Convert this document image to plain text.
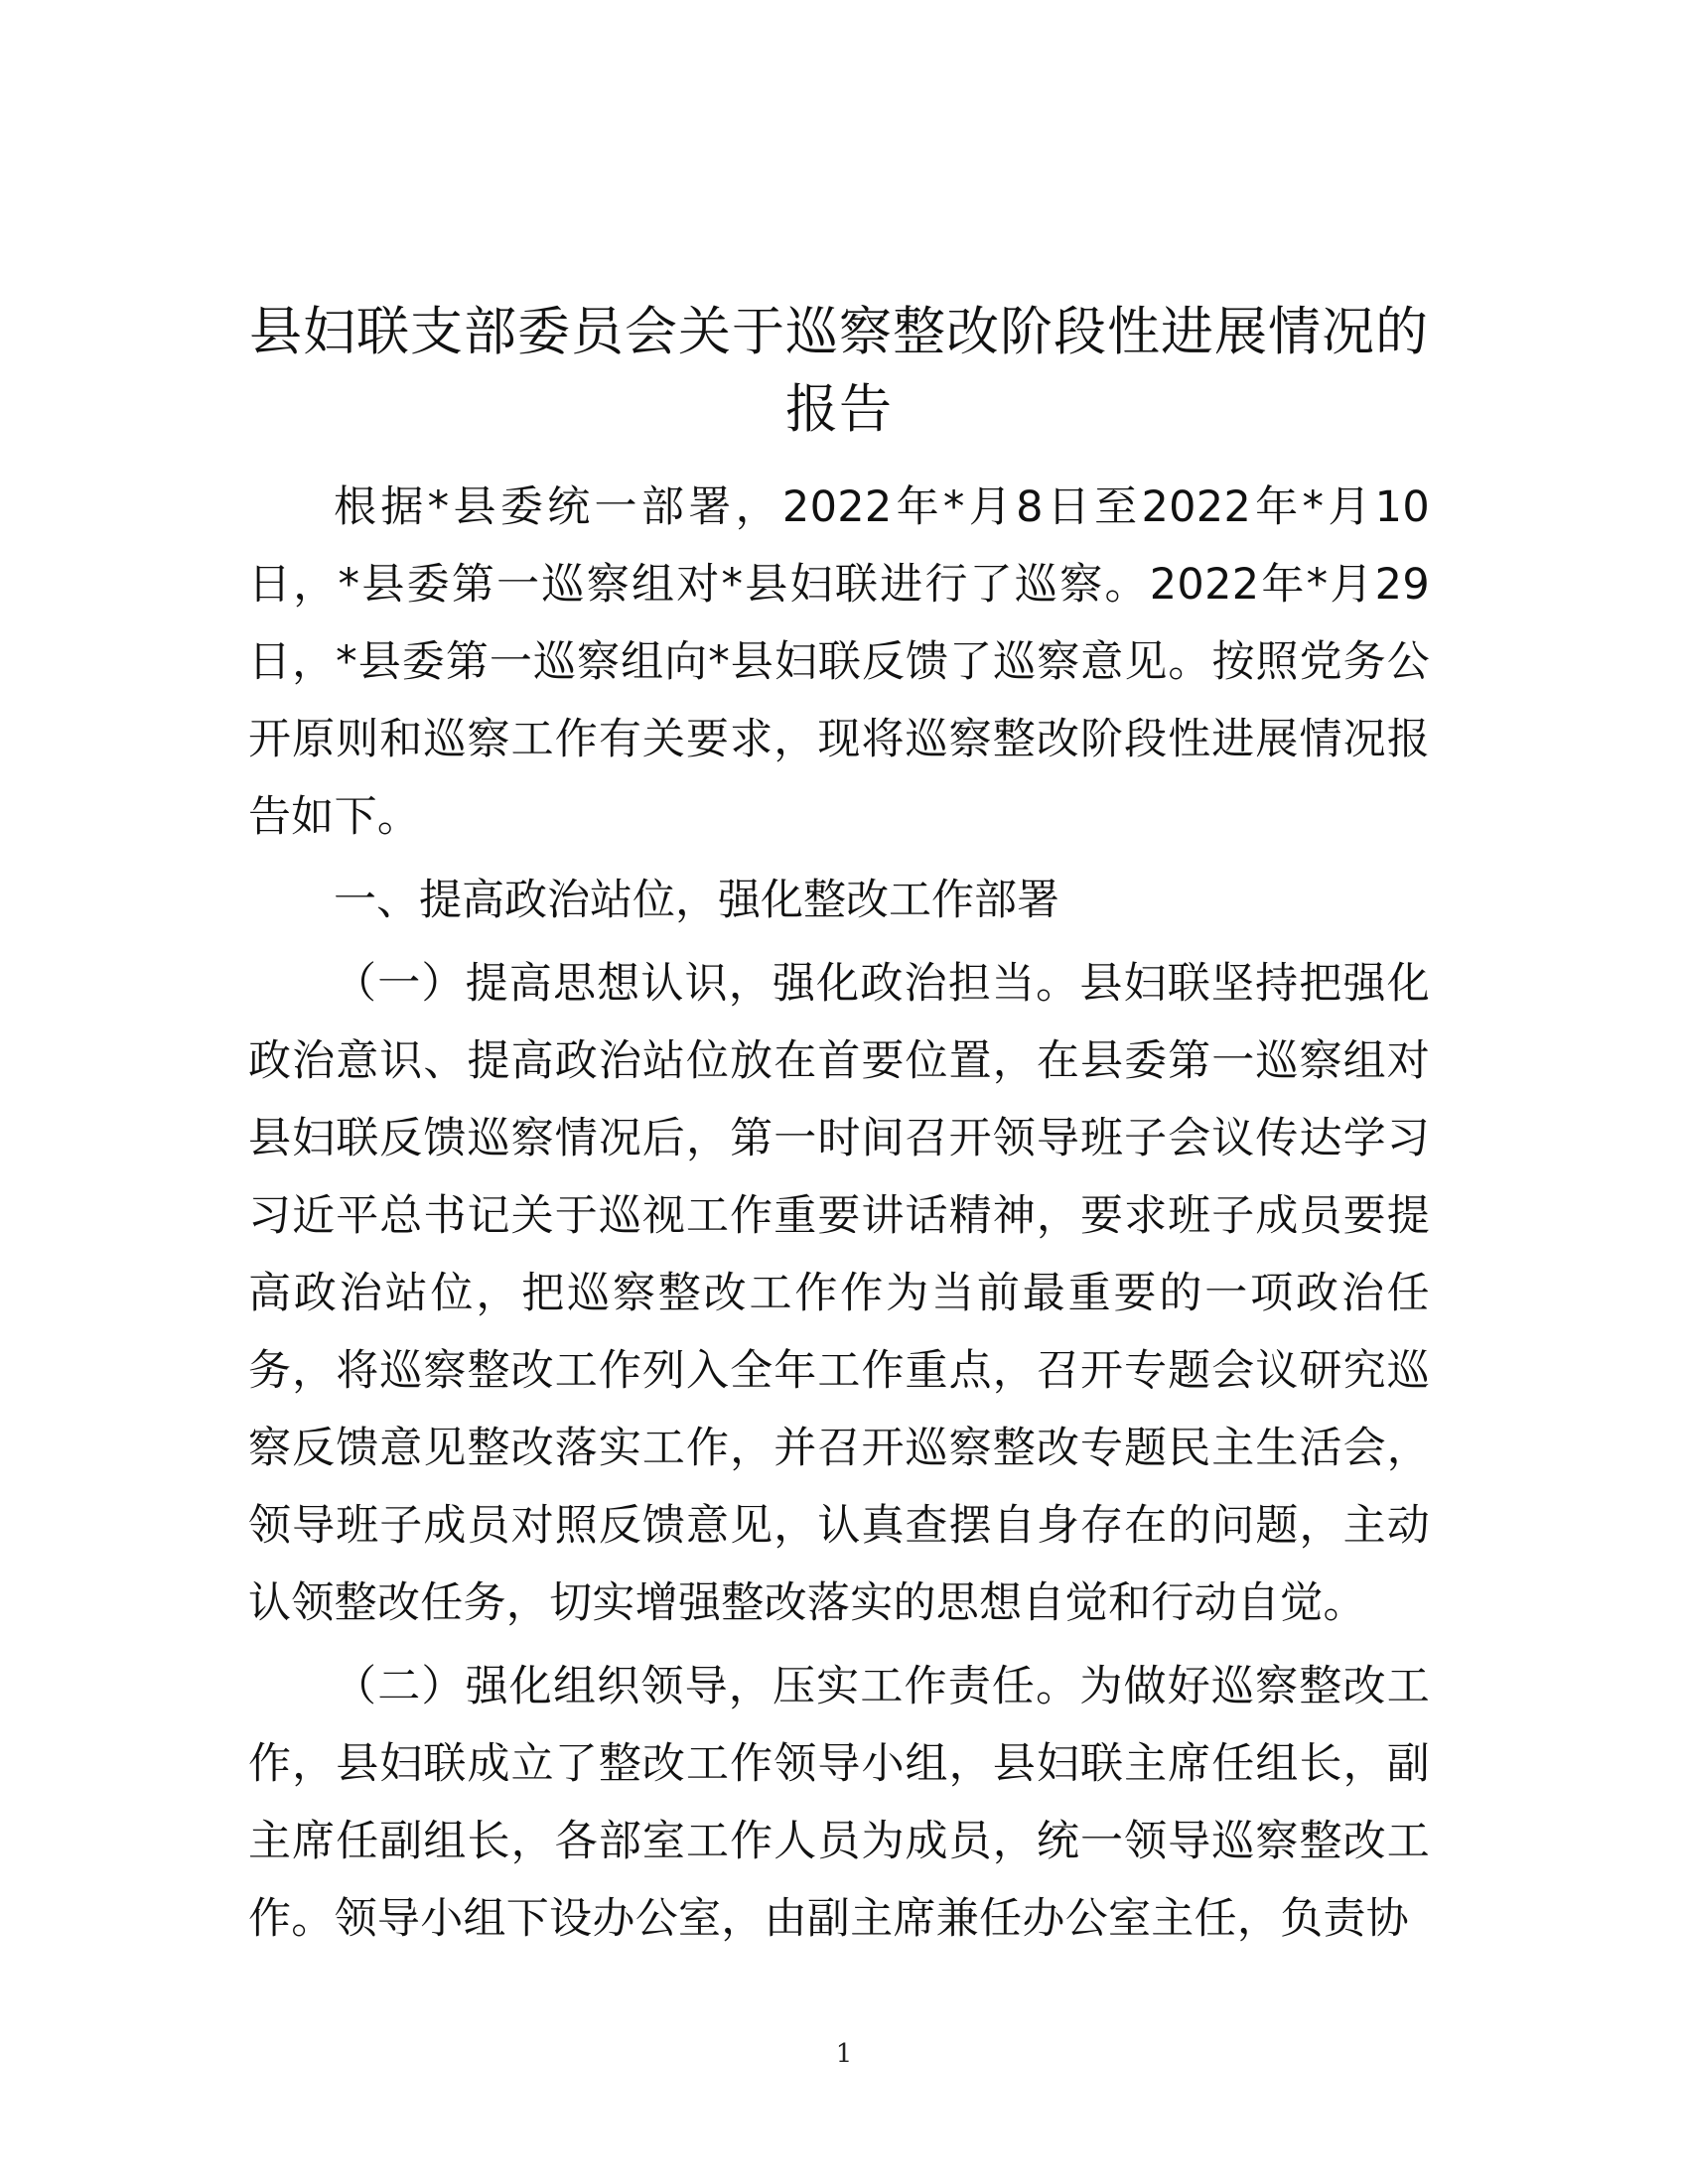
县妇联支部委员会关于巡察整改阶段性进展情况的报告

根据*县委统一部署，2022年*月8日至2022年*月10日，*县委第一巡察组对*县妇联进行了巡察。2022年*月29日，*县委第一巡察组向*县妇联反馈了巡察意见。按照党务公开原则和巡察工作有关要求，现将巡察整改阶段性进展情况报告如下。

一、提高政治站位，强化整改工作部署

（一）提高思想认识，强化政治担当。县妇联坚持把强化政治意识、提高政治站位放在首要位置，在县委第一巡察组对县妇联反馈巡察情况后，第一时间召开领导班子会议传达学习习近平总书记关于巡视工作重要讲话精神，要求班子成员要提高政治站位，把巡察整改工作作为当前最重要的一项政治任务，将巡察整改工作列入全年工作重点，召开专题会议研究巡察反馈意见整改落实工作，并召开巡察整改专题民主生活会，领导班子成员对照反馈意见，认真查摆自身存在的问题，主动认领整改任务，切实增强整改落实的思想自觉和行动自觉。

（二）强化组织领导，压实工作责任。为做好巡察整改工作，县妇联成立了整改工作领导小组，县妇联主席任组长，副主席任副组长，各部室工作人员为成员，统一领导巡察整改工作。领导小组下设办公室，由副主席兼任办公室主任，负责协

1
